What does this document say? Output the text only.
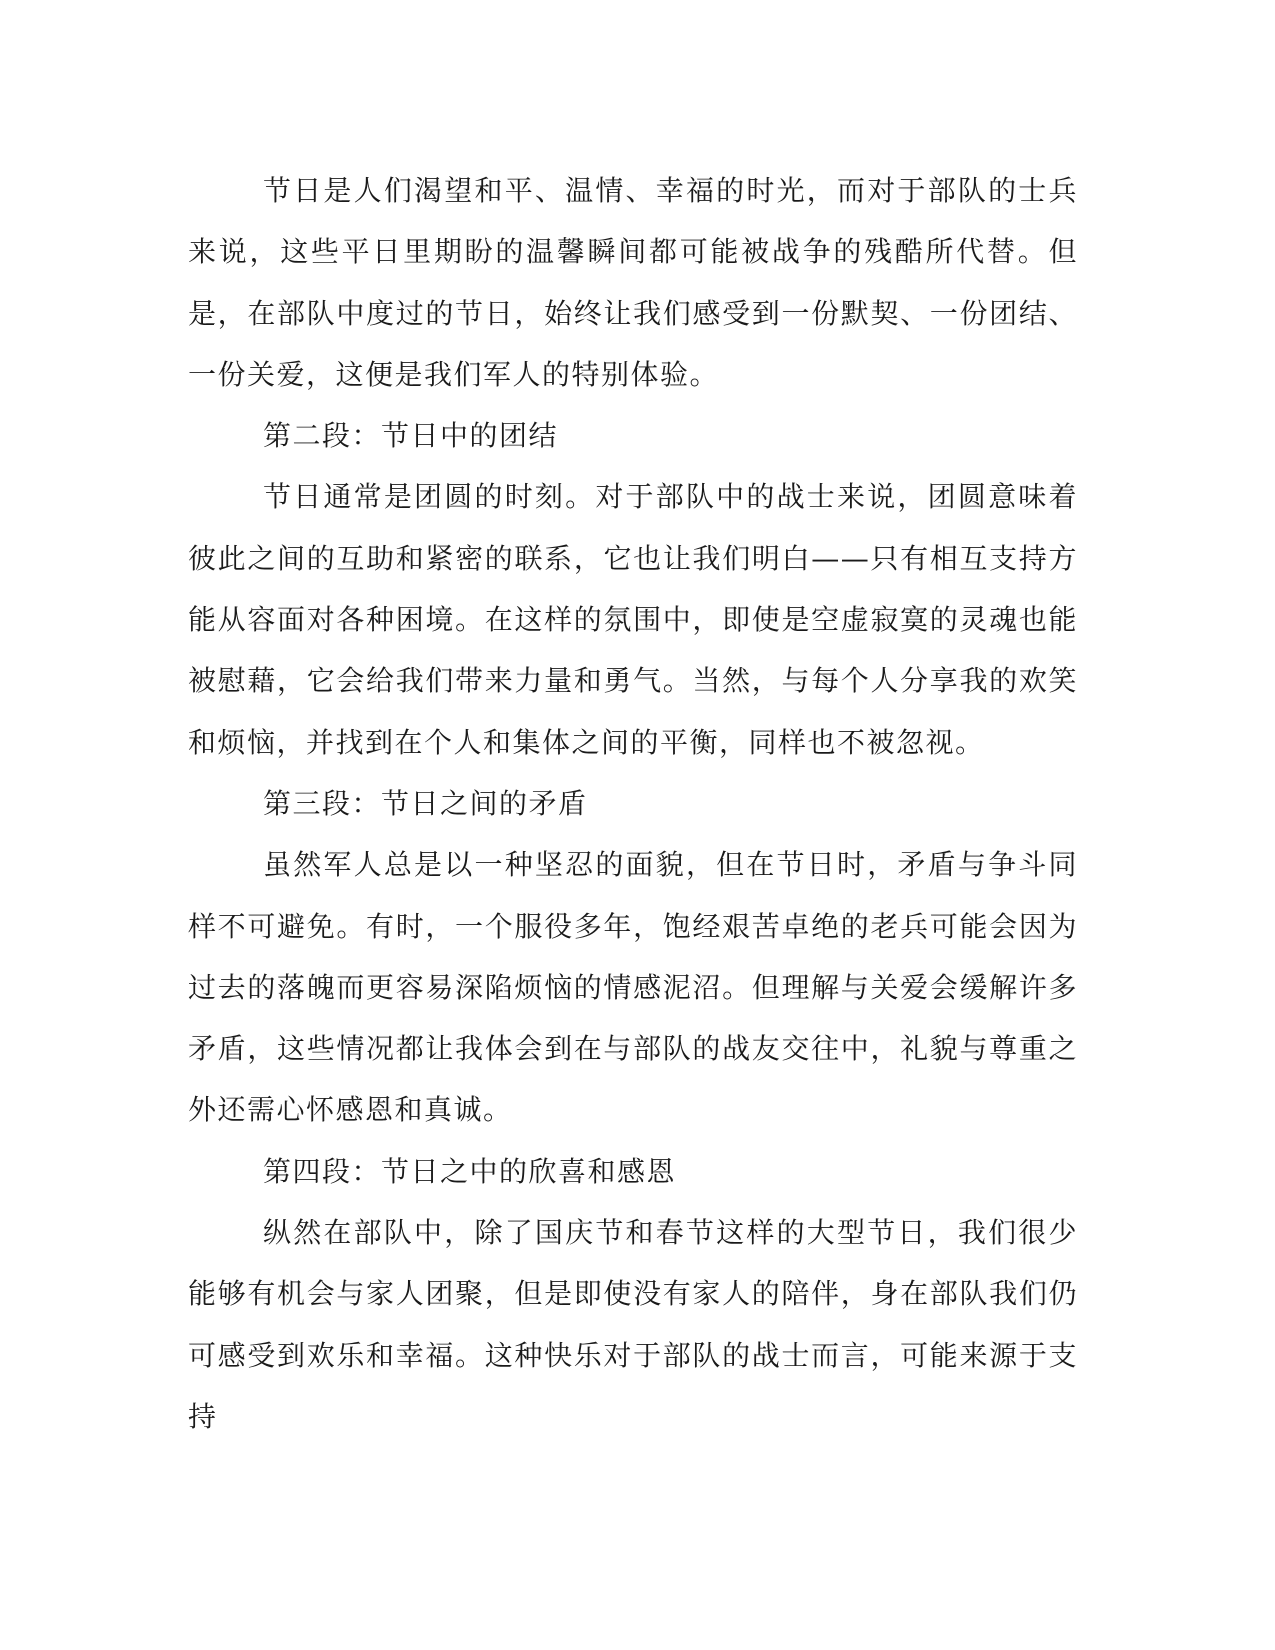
节日是人们渴望和平、温情、幸福的时光，而对于部队的士兵来说，这些平日里期盼的温馨瞬间都可能被战争的残酷所代替。但是，在部队中度过的节日，始终让我们感受到一份默契、一份团结、一份关爱，这便是我们军人的特别体验。

第二段：节日中的团结

节日通常是团圆的时刻。对于部队中的战士来说，团圆意味着彼此之间的互助和紧密的联系，它也让我们明白——只有相互支持方能从容面对各种困境。在这样的氛围中，即使是空虚寂寞的灵魂也能被慰藉，它会给我们带来力量和勇气。当然，与每个人分享我的欢笑和烦恼，并找到在个人和集体之间的平衡，同样也不被忽视。

第三段：节日之间的矛盾

虽然军人总是以一种坚忍的面貌，但在节日时，矛盾与争斗同样不可避免。有时，一个服役多年，饱经艰苦卓绝的老兵可能会因为过去的落魄而更容易深陷烦恼的情感泥沼。但理解与关爱会缓解许多矛盾，这些情况都让我体会到在与部队的战友交往中，礼貌与尊重之外还需心怀感恩和真诚。

第四段：节日之中的欣喜和感恩

纵然在部队中，除了国庆节和春节这样的大型节日，我们很少能够有机会与家人团聚，但是即使没有家人的陪伴，身在部队我们仍可感受到欢乐和幸福。这种快乐对于部队的战士而言，可能来源于支持
